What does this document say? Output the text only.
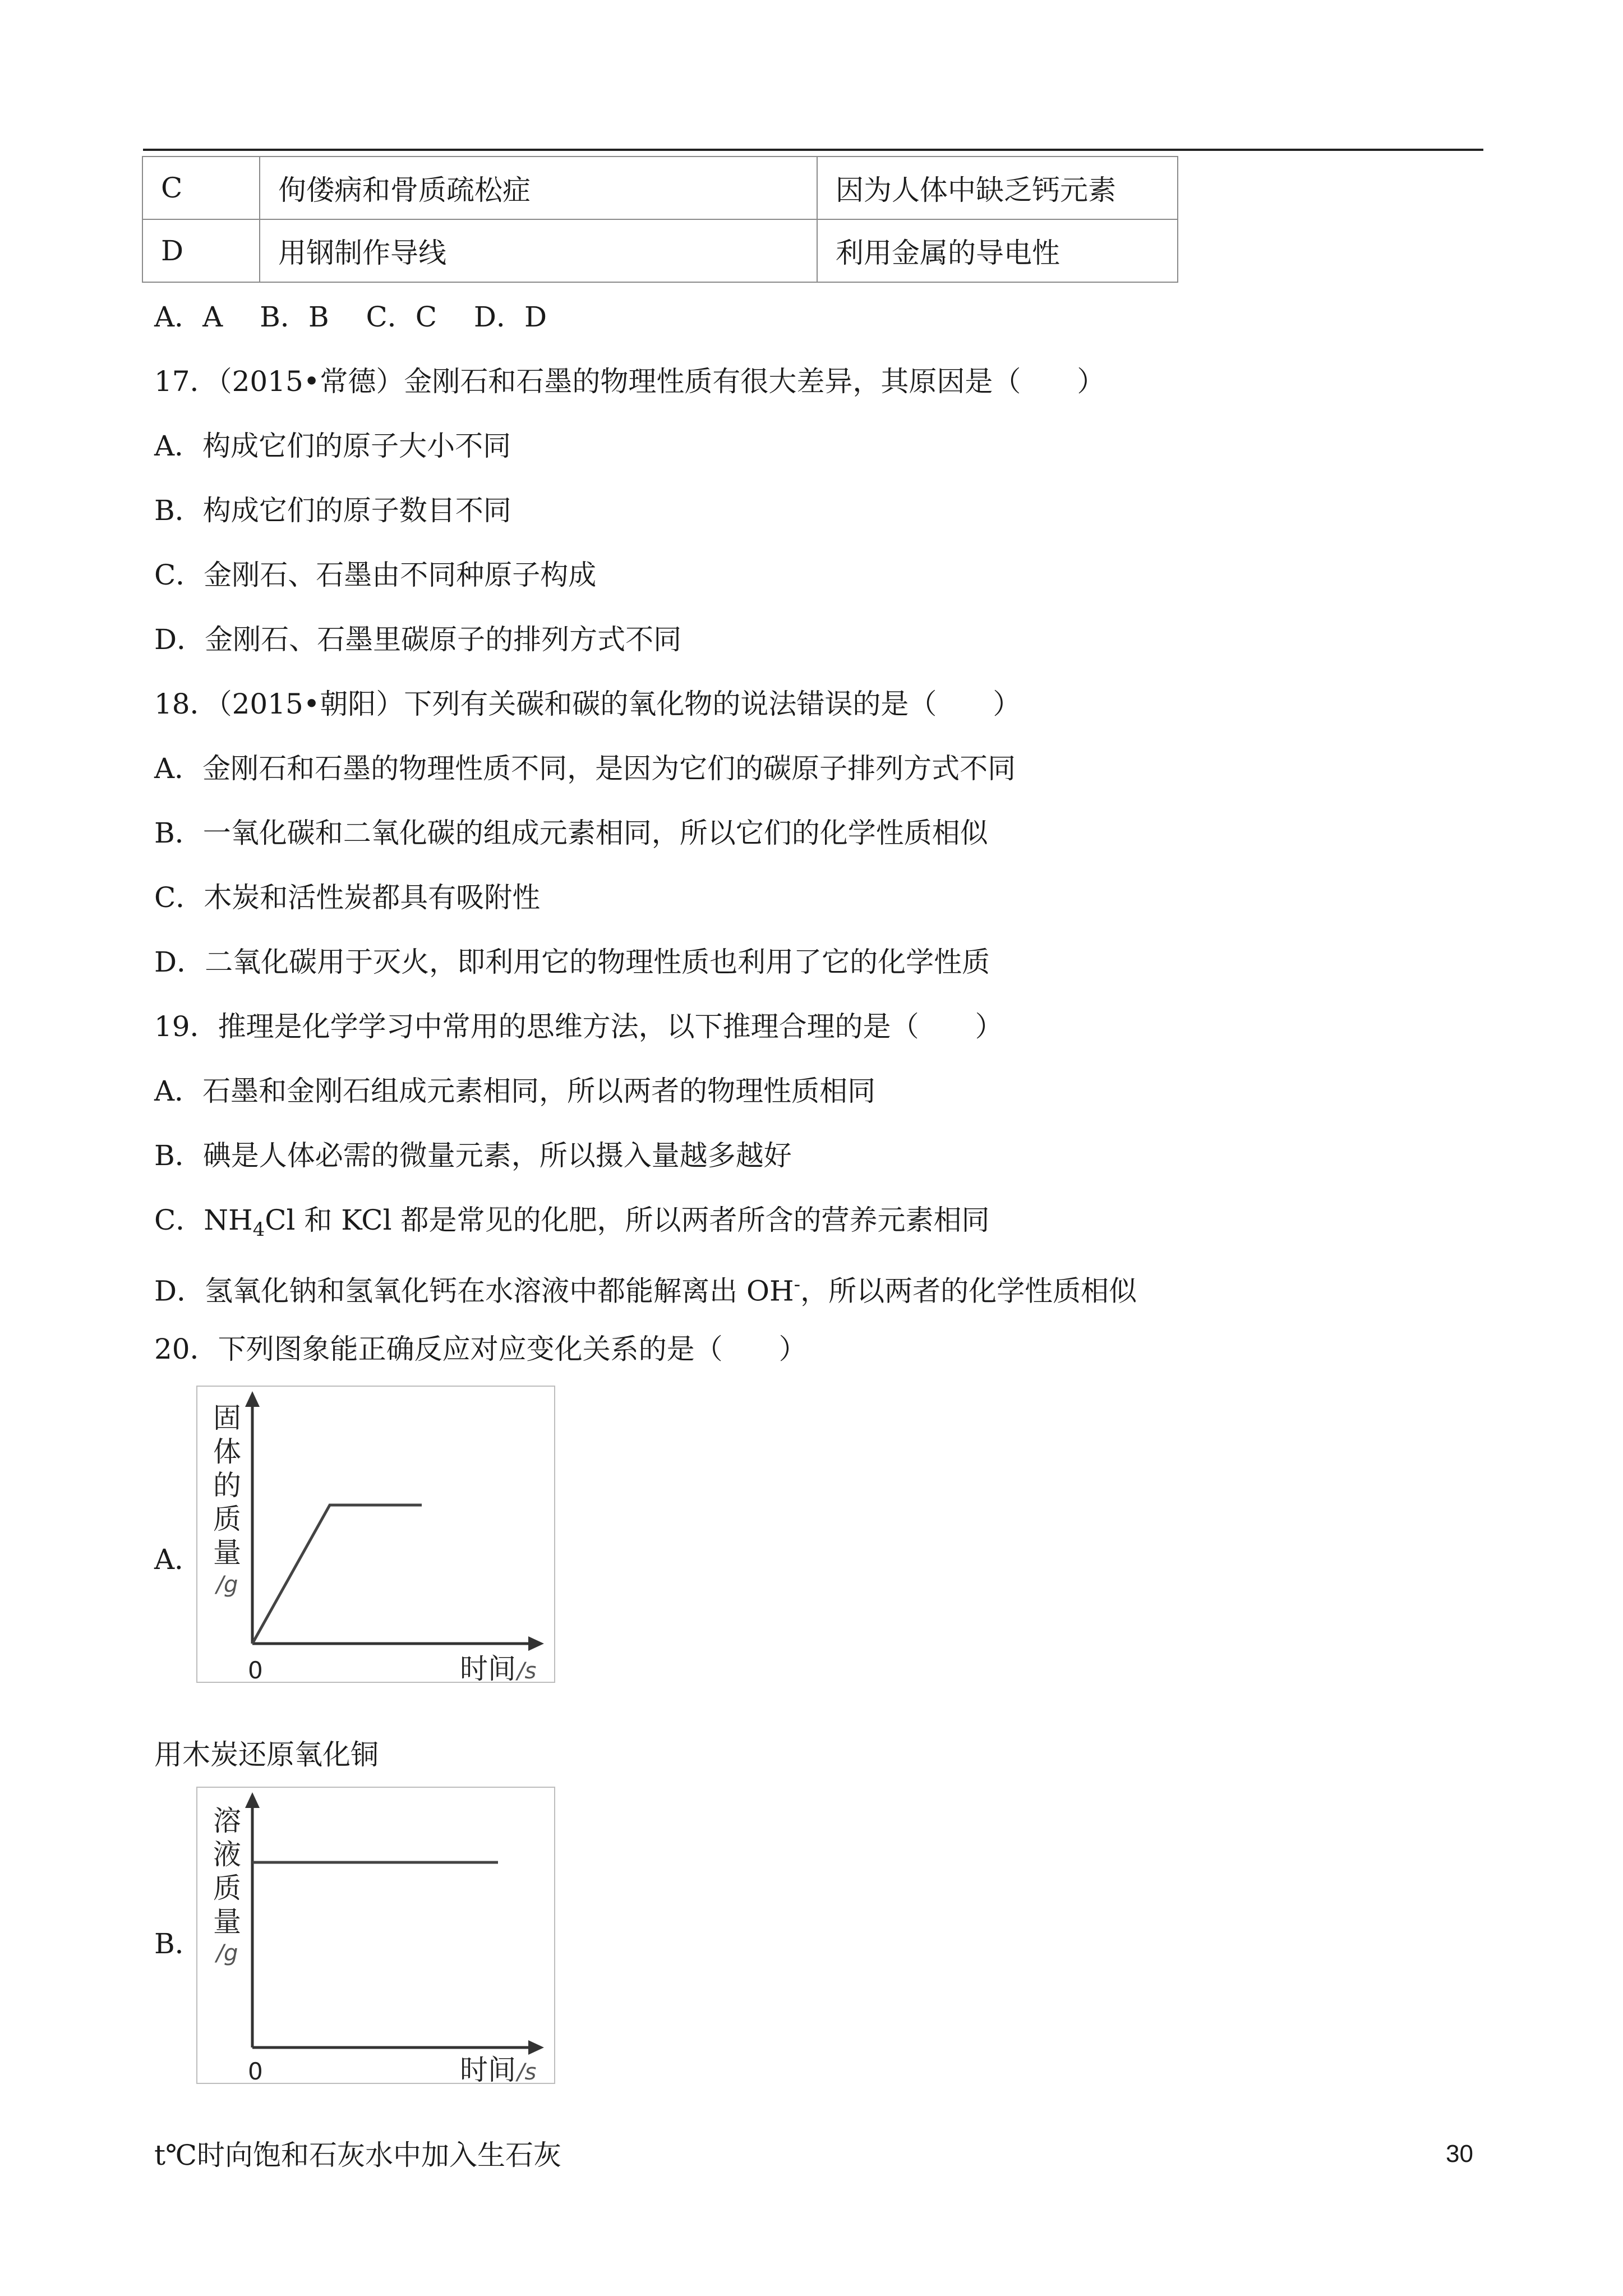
C	佝偻病和骨质疏松症	因为人体中缺乏钙元素
D	用钢制作导线	利用金属的导电性
A．A　 B．B　 C．C　 D．D
17．（2015•常德）金刚石和石墨的物理性质有很大差异，其原因是（　　）
A．构成它们的原子大小不同
B．构成它们的原子数目不同
C．金刚石、石墨由不同种原子构成
D．金刚石、石墨里碳原子的排列方式不同
18．（2015•朝阳）下列有关碳和碳的氧化物的说法错误的是（　　）
A．金刚石和石墨的物理性质不同，是因为它们的碳原子排列方式不同
B．一氧化碳和二氧化碳的组成元素相同，所以它们的化学性质相似
C．木炭和活性炭都具有吸附性
D．二氧化碳用于灭火，即利用它的物理性质也利用了它的化学性质
19．推理是化学学习中常用的思维方法，以下推理合理的是（　　）
A．石墨和金刚石组成元素相同，所以两者的物理性质相同
B．碘是人体必需的微量元素，所以摄入量越多越好
C．$NH_4Cl$ 和 KCl 都是常见的化肥，所以两者所含的营养元素相同
D．氢氧化钠和氢氧化钙在水溶液中都能解离出 OH-，所以两者的化学性质相似
20．下列图象能正确反应对应变化关系的是（　　）
A．
固
体
的
质
量
/g
0	时间 /s
用木炭还原氧化铜
B．
溶
液
质
量
/g
0	时间 /s
t℃时向饱和石灰水中加入生石灰	30
